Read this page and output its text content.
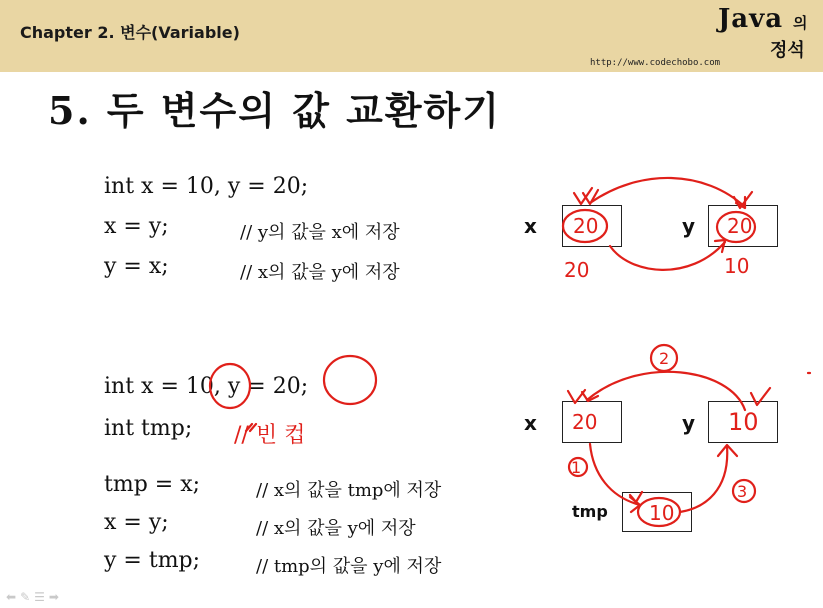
Chapter 2. 변수(Variable)	Java 의
정석
http://www.codechobo.com
5. 두 변수의 값 교환하기
int x = 10, y = 20;
x = y;	// y의 값을 x에 저장
y = x;	// x의 값을 y에 저장
x	y
20	20
20	10
int x = 10, y = 20;
int tmp; // 빈 컵
tmp = x;	// x의 값을 tmp에 저장
x = y;	// x의 값을 y에 저장
y = tmp;	// tmp의 값을 y에 저장
x	y
tmp
20	10
10
1
2
3
⬅✎☰➡
